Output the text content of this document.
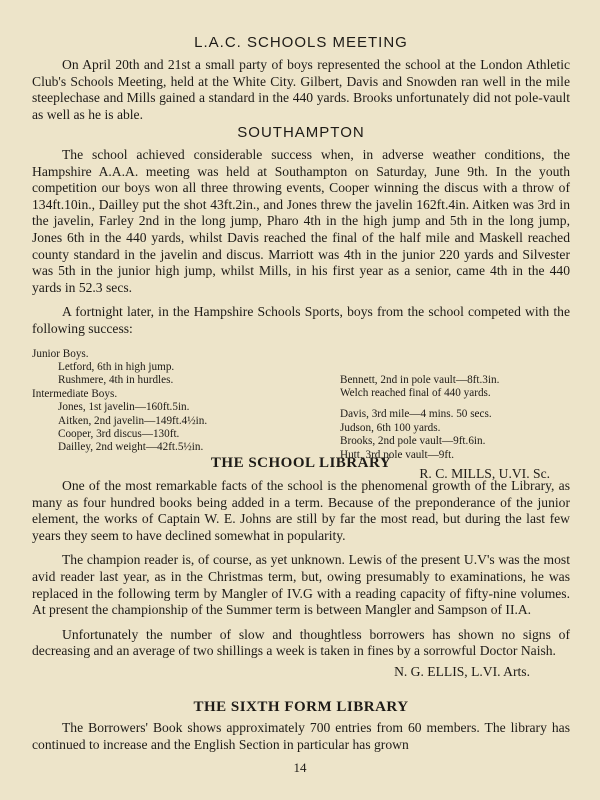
L.A.C. SCHOOLS MEETING

On April 20th and 21st a small party of boys represented the school at the London Athletic Club's Schools Meeting, held at the White City. Gilbert, Davis and Snowden ran well in the mile steeplechase and Mills gained a standard in the 440 yards. Brooks unfortunately did not pole-vault as well as he is able.

SOUTHAMPTON

The school achieved considerable success when, in adverse weather conditions, the Hampshire A.A.A. meeting was held at Southampton on Saturday, June 9th. In the youth competition our boys won all three throwing events, Cooper winning the discus with a throw of 134ft.10in., Dailley put the shot 43ft.2in., and Jones threw the javelin 162ft.4in. Aitken was 3rd in the javelin, Farley 2nd in the long jump, Pharo 4th in the high jump and 5th in the long jump, Jones 6th in the 440 yards, whilst Davis reached the final of the half mile and Maskell reached county standard in the javelin and discus. Marriott was 4th in the junior 220 yards and Silvester was 5th in the junior high jump, whilst Mills, in his first year as a senior, came 4th in the 440 yards in 52.3 secs.

A fortnight later, in the Hampshire Schools Sports, boys from the school competed with the following success:

Junior Boys.
Letford, 6th in high jump.
Rushmere, 4th in hurdles.
Intermediate Boys.
Jones, 1st javelin—160ft.5in.
Aitken, 2nd javelin—149ft.4½in.
Cooper, 3rd discus—130ft.
Dailley, 2nd weight—42ft.5½in.
Bennett, 2nd in pole vault—8ft.3in.
Welch reached final of 440 yards.
Davis, 3rd mile—4 mins. 50 secs.
Judson, 6th 100 yards.
Brooks, 2nd pole vault—9ft.6in.
Hutt, 3rd pole vault—9ft.
R. C. MILLS, U.VI. Sc.
THE SCHOOL LIBRARY

One of the most remarkable facts of the school is the phenomenal growth of the Library, as many as four hundred books being added in a term. Because of the preponderance of the junior element, the works of Captain W. E. Johns are still by far the most read, but during the last few years they seem to have declined somewhat in popularity.

The champion reader is, of course, as yet unknown. Lewis of the present U.V's was the most avid reader last year, as in the Christmas term, but, owing presumably to examinations, he was replaced in the following term by Mangler of IV.G with a reading capacity of fifty-nine volumes. At present the championship of the Summer term is between Mangler and Sampson of II.A.

Unfortunately the number of slow and thoughtless borrowers has shown no signs of decreasing and an average of two shillings a week is taken in fines by a sorrowful Doctor Naish.

N. G. ELLIS, L.VI. Arts.
THE SIXTH FORM LIBRARY

The Borrowers' Book shows approximately 700 entries from 60 members. The library has continued to increase and the English Section in particular has grown

14
